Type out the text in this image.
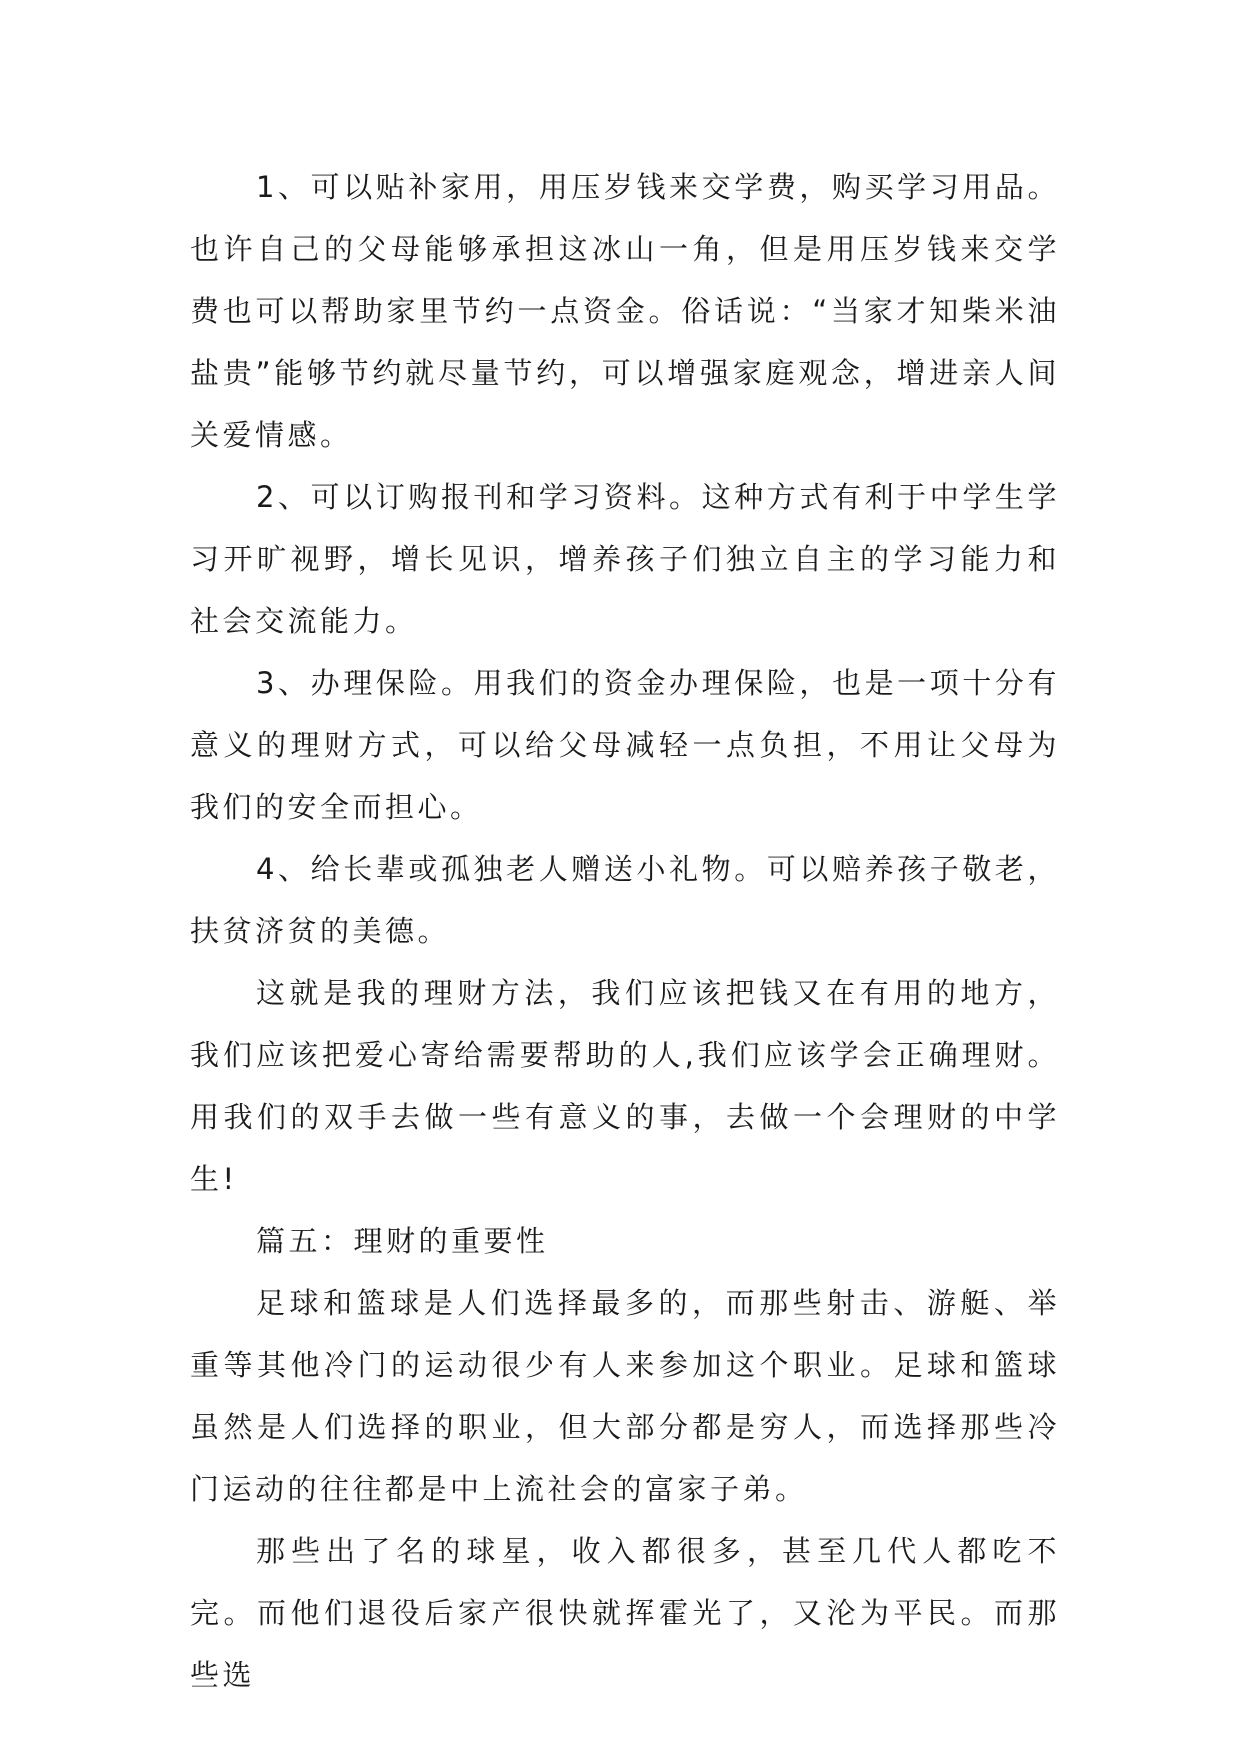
1、可以贴补家用，用压岁钱来交学费，购买学习用品。也许自己的父母能够承担这冰山一角，但是用压岁钱来交学费也可以帮助家里节约一点资金。俗话说：“当家才知柴米油盐贵”能够节约就尽量节约，可以增强家庭观念，增进亲人间关爱情感。

2、可以订购报刊和学习资料。这种方式有利于中学生学习开旷视野，增长见识，增养孩子们独立自主的学习能力和社会交流能力。

3、办理保险。用我们的资金办理保险，也是一项十分有意义的理财方式，可以给父母减轻一点负担，不用让父母为我们的安全而担心。

4、给长辈或孤独老人赠送小礼物。可以赔养孩子敬老，扶贫济贫的美德。

这就是我的理财方法，我们应该把钱又在有用的地方，我们应该把爱心寄给需要帮助的人,我们应该学会正确理财。用我们的双手去做一些有意义的事，去做一个会理财的中学生!

篇五：理财的重要性

足球和篮球是人们选择最多的，而那些射击、游艇、举重等其他冷门的运动很少有人来参加这个职业。足球和篮球虽然是人们选择的职业，但大部分都是穷人，而选择那些冷门运动的往往都是中上流社会的富家子弟。

那些出了名的球星，收入都很多，甚至几代人都吃不完。而他们退役后家产很快就挥霍光了，又沦为平民。而那些选
